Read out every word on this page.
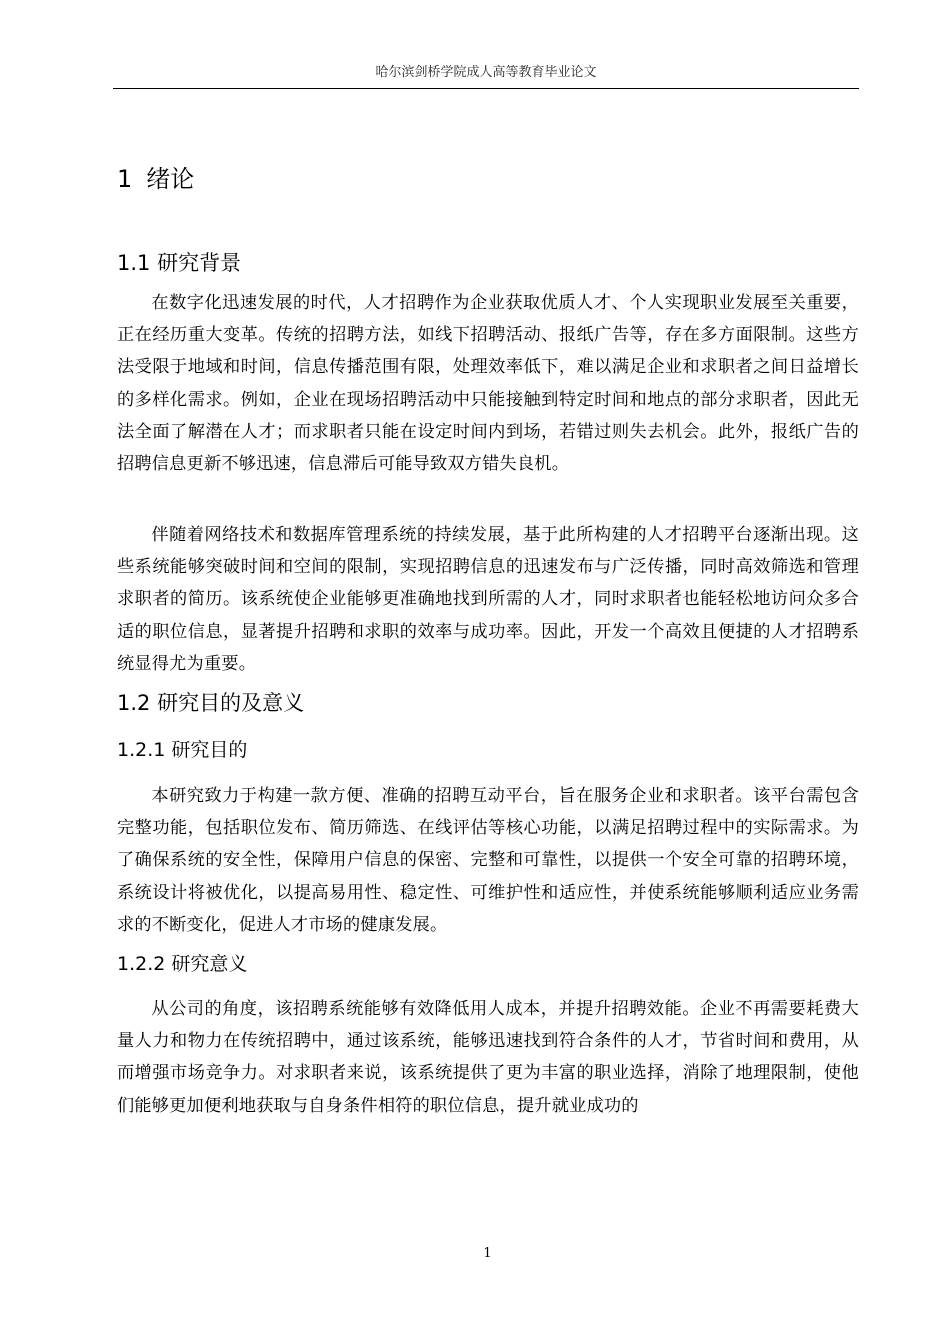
哈尔滨剑桥学院成人高等教育毕业论文
1 绪论
1.1 研究背景

在数字化迅速发展的时代，人才招聘作为企业获取优质人才、个人实现职业发展至关重要，正在经历重大变革。传统的招聘方法，如线下招聘活动、报纸广告等，存在多方面限制。这些方法受限于地域和时间，信息传播范围有限，处理效率低下，难以满足企业和求职者之间日益增长的多样化需求。例如，企业在现场招聘活动中只能接触到特定时间和地点的部分求职者，因此无法全面了解潜在人才；而求职者只能在设定时间内到场，若错过则失去机会。此外，报纸广告的招聘信息更新不够迅速，信息滞后可能导致双方错失良机。

伴随着网络技术和数据库管理系统的持续发展，基于此所构建的人才招聘平台逐渐出现。这些系统能够突破时间和空间的限制，实现招聘信息的迅速发布与广泛传播，同时高效筛选和管理求职者的简历。该系统使企业能够更准确地找到所需的人才，同时求职者也能轻松地访问众多合适的职位信息，显著提升招聘和求职的效率与成功率。因此，开发一个高效且便捷的人才招聘系统显得尤为重要。

1.2 研究目的及意义
1.2.1 研究目的

本研究致力于构建一款方便、准确的招聘互动平台，旨在服务企业和求职者。该平台需包含完整功能，包括职位发布、简历筛选、在线评估等核心功能，以满足招聘过程中的实际需求。为了确保系统的安全性，保障用户信息的保密、完整和可靠性，以提供一个安全可靠的招聘环境，系统设计将被优化，以提高易用性、稳定性、可维护性和适应性，并使系统能够顺利适应业务需求的不断变化，促进人才市场的健康发展。

1.2.2 研究意义

从公司的角度，该招聘系统能够有效降低用人成本，并提升招聘效能。企业不再需要耗费大量人力和物力在传统招聘中，通过该系统，能够迅速找到符合条件的人才，节省时间和费用，从而增强市场竞争力。对求职者来说，该系统提供了更为丰富的职业选择，消除了地理限制，使他们能够更加便利地获取与自身条件相符的职位信息，提升就业成功的

1
